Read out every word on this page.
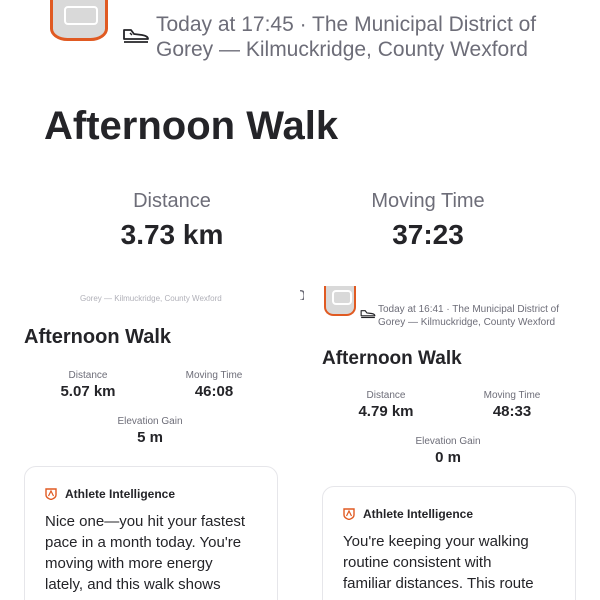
Today at 17:45 · The Municipal District of Gorey — Kilmuckridge, County Wexford
Afternoon Walk
Distance
3.73 km
Moving Time
37:23
Gorey — Kilmuckridge, County Wexford
Afternoon Walk
Distance
5.07 km
Moving Time
46:08
Elevation Gain
5 m
Athlete Intelligence
Nice one—you hit your fastest
pace in a month today. You're
moving with more energy
lately, and this walk shows
Today at 16:41 · The Municipal District of
Gorey — Kilmuckridge, County Wexford
Afternoon Walk
Distance
4.79 km
Moving Time
48:33
Elevation Gain
0 m
Athlete Intelligence
You're keeping your walking
routine consistent with
familiar distances. This route
